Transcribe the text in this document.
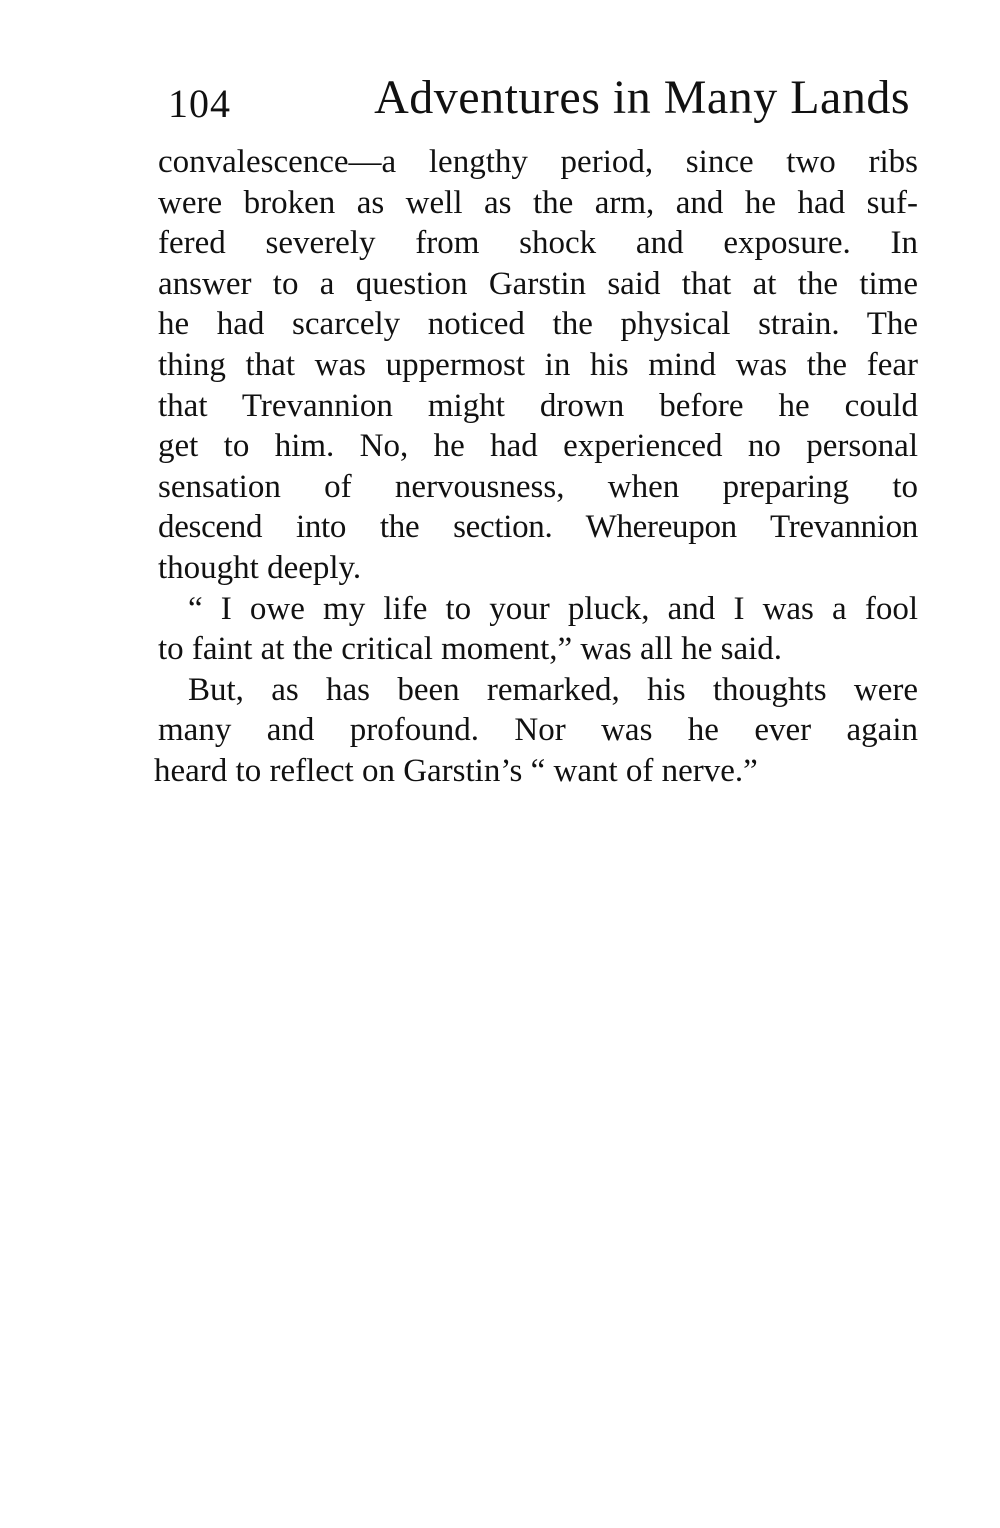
104	Adventures in Many Lands
convalescence—a lengthy period, since two ribs
were broken as well as the arm, and he had suf-
fered severely from shock and exposure. In
answer to a question Garstin said that at the time
he had scarcely noticed the physical strain. The
thing that was uppermost in his mind was the fear
that Trevannion might drown before he could
get to him. No, he had experienced no personal
sensation of nervousness, when preparing to
descend into the section. Whereupon Trevannion
thought deeply.
“ I owe my life to your pluck, and I was a fool
to faint at the critical moment,” was all he said.
But, as has been remarked, his thoughts were
many and profound. Nor was he ever again
heard to reflect on Garstin’s “ want of nerve.”
